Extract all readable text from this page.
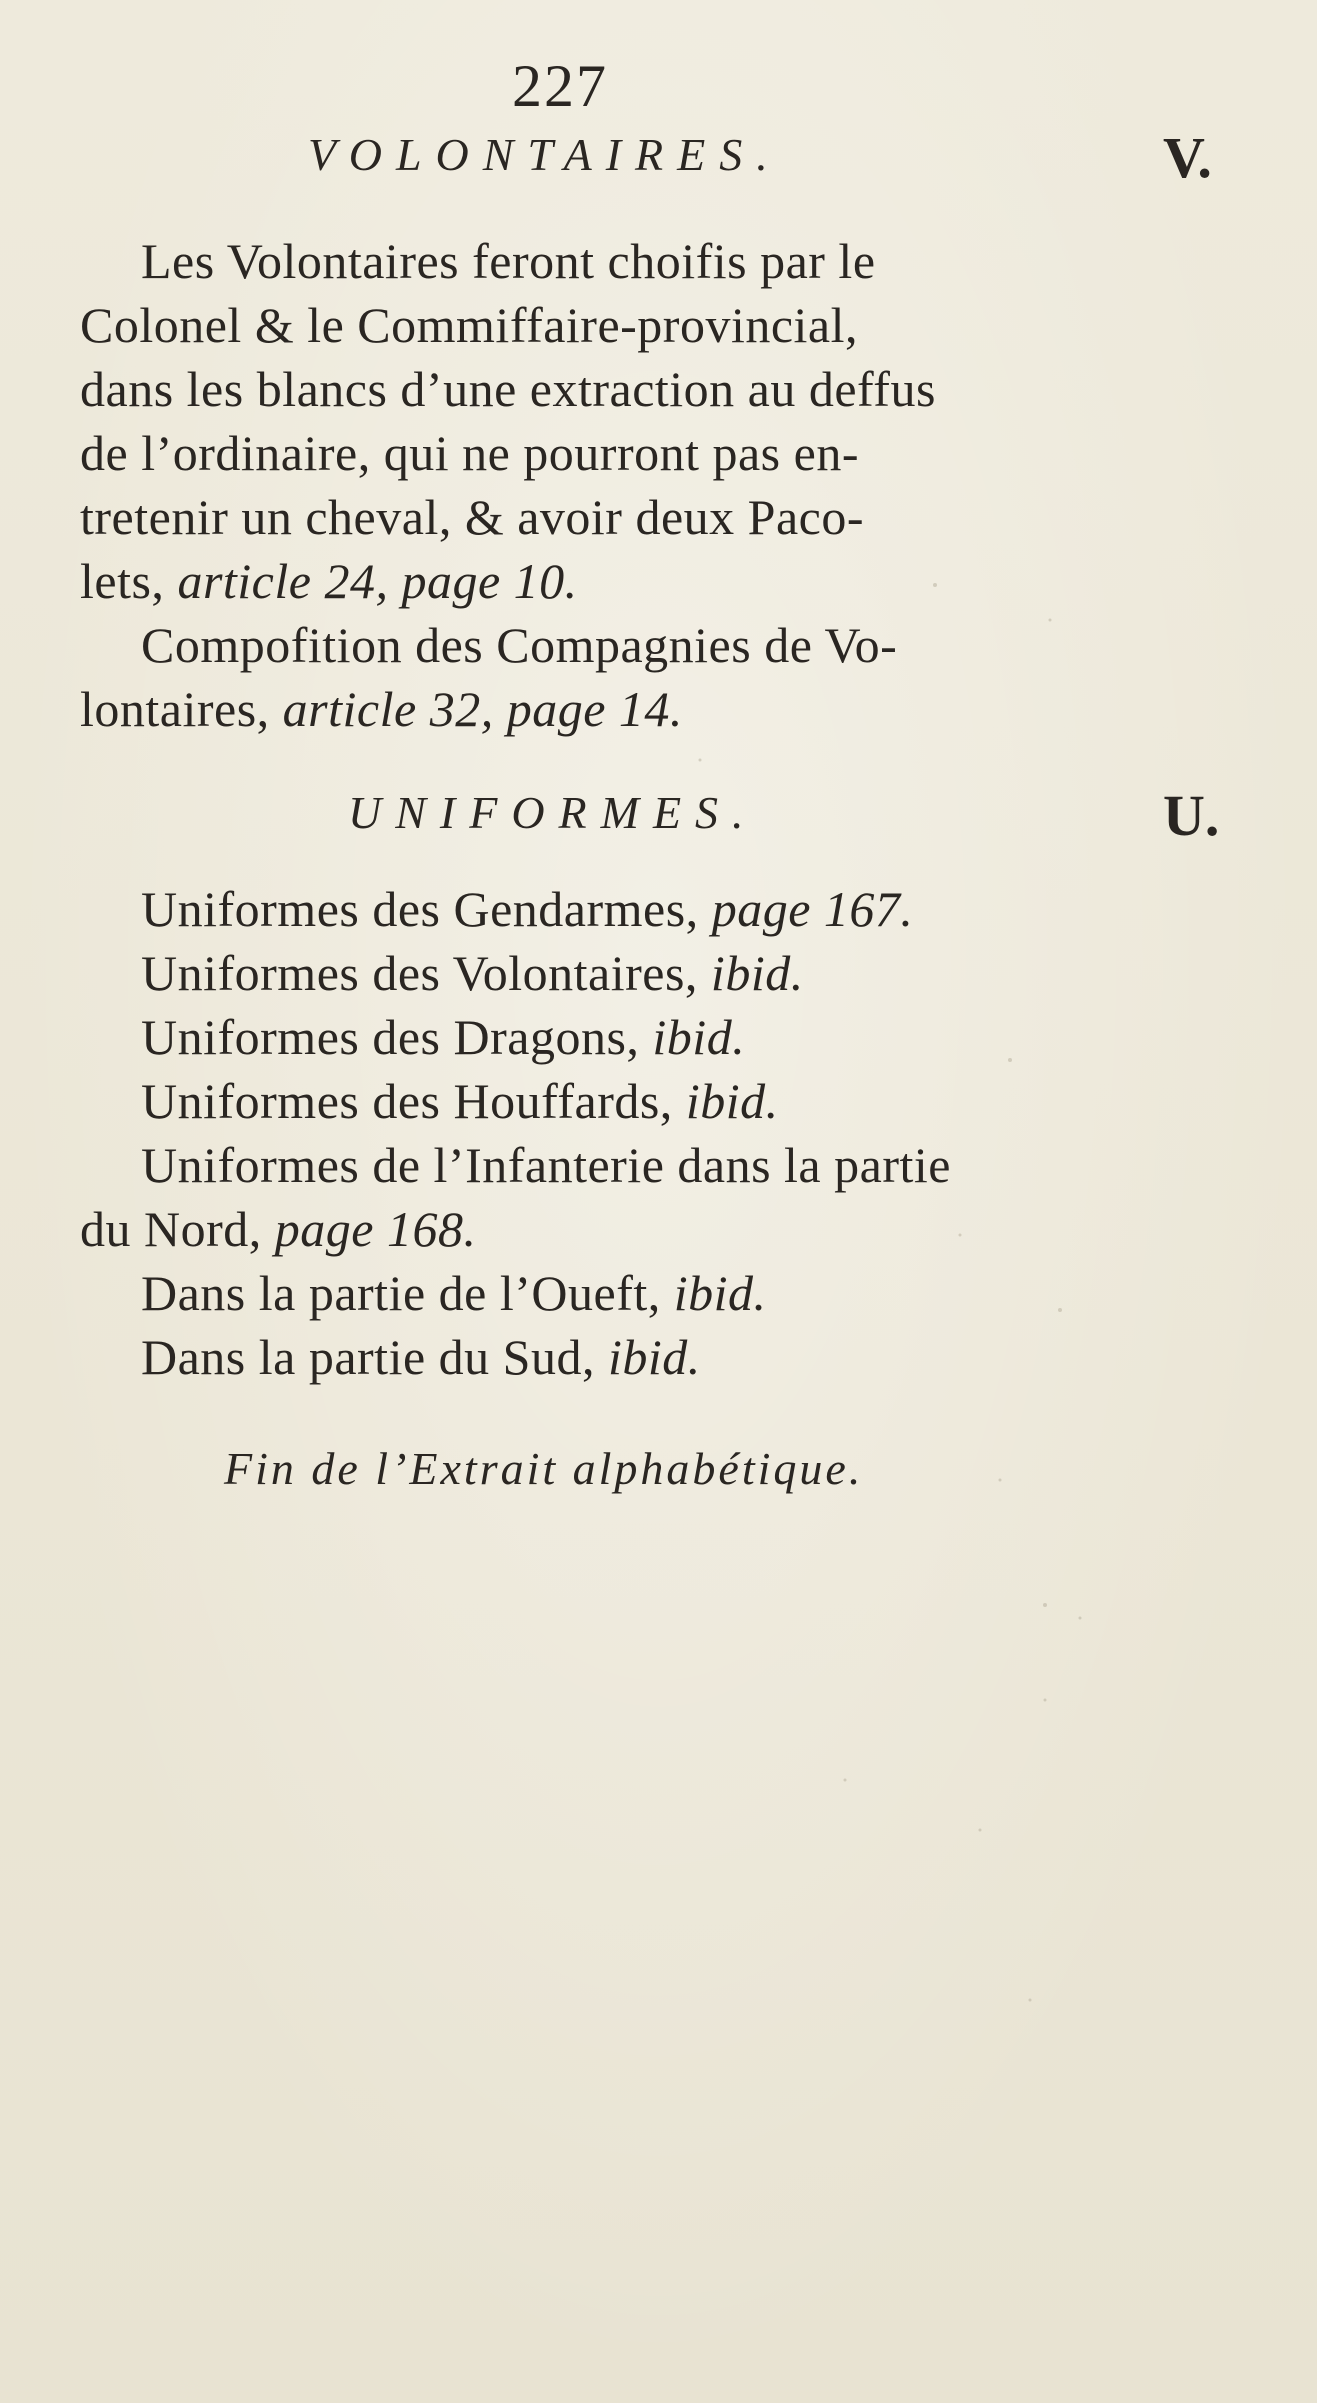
227
VOLONTAIRES.	V.
Les Volontaires feront choifis par le
Colonel & le Commiffaire-provincial,
dans les blancs d’une extraction au deffus
de l’ordinaire, qui ne pourront pas en-
tretenir un cheval, & avoir deux Paco-
lets, article 24, page 10.
Compofition des Compagnies de Vo-
lontaires, article 32, page 14.
UNIFORMES.	U.
Uniformes des Gendarmes, page 167.
Uniformes des Volontaires, ibid.
Uniformes des Dragons, ibid.
Uniformes des Houffards, ibid.
Uniformes de l’Infanterie dans la partie
du Nord, page 168.
Dans la partie de l’Oueft, ibid.
Dans la partie du Sud, ibid.
Fin de l’Extrait alphabétique.
